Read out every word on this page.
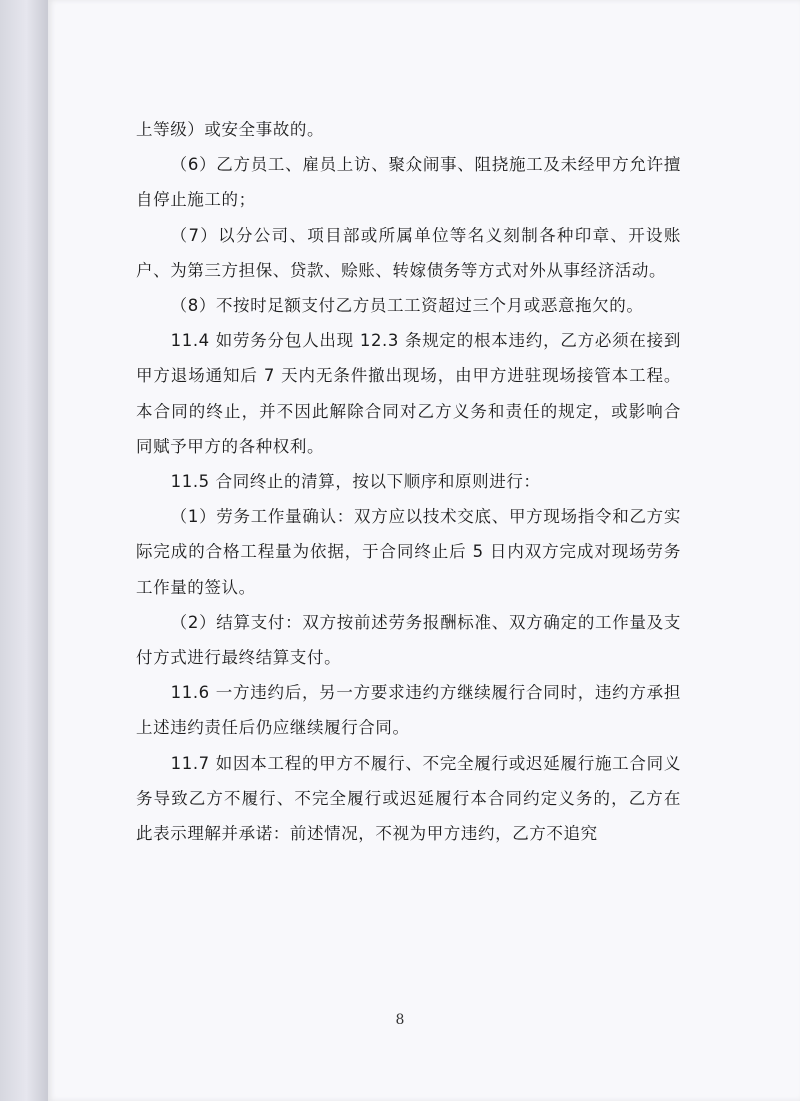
上等级）或安全事故的。

（6）乙方员工、雇员上访、聚众闹事、阻挠施工及未经甲方允许擅自停止施工的；

（7）以分公司、项目部或所属单位等名义刻制各种印章、开设账户、为第三方担保、贷款、赊账、转嫁债务等方式对外从事经济活动。

（8）不按时足额支付乙方员工工资超过三个月或恶意拖欠的。

11.4 如劳务分包人出现 12.3 条规定的根本违约，乙方必须在接到甲方退场通知后 7 天内无条件撤出现场，由甲方进驻现场接管本工程。本合同的终止，并不因此解除合同对乙方义务和责任的规定，或影响合同赋予甲方的各种权利。

11.5 合同终止的清算，按以下顺序和原则进行：

（1）劳务工作量确认：双方应以技术交底、甲方现场指令和乙方实际完成的合格工程量为依据，于合同终止后 5 日内双方完成对现场劳务工作量的签认。

（2）结算支付：双方按前述劳务报酬标准、双方确定的工作量及支付方式进行最终结算支付。

11.6 一方违约后，另一方要求违约方继续履行合同时，违约方承担上述违约责任后仍应继续履行合同。

11.7 如因本工程的甲方不履行、不完全履行或迟延履行施工合同义务导致乙方不履行、不完全履行或迟延履行本合同约定义务的，乙方在此表示理解并承诺：前述情况，不视为甲方违约，乙方不追究

8
